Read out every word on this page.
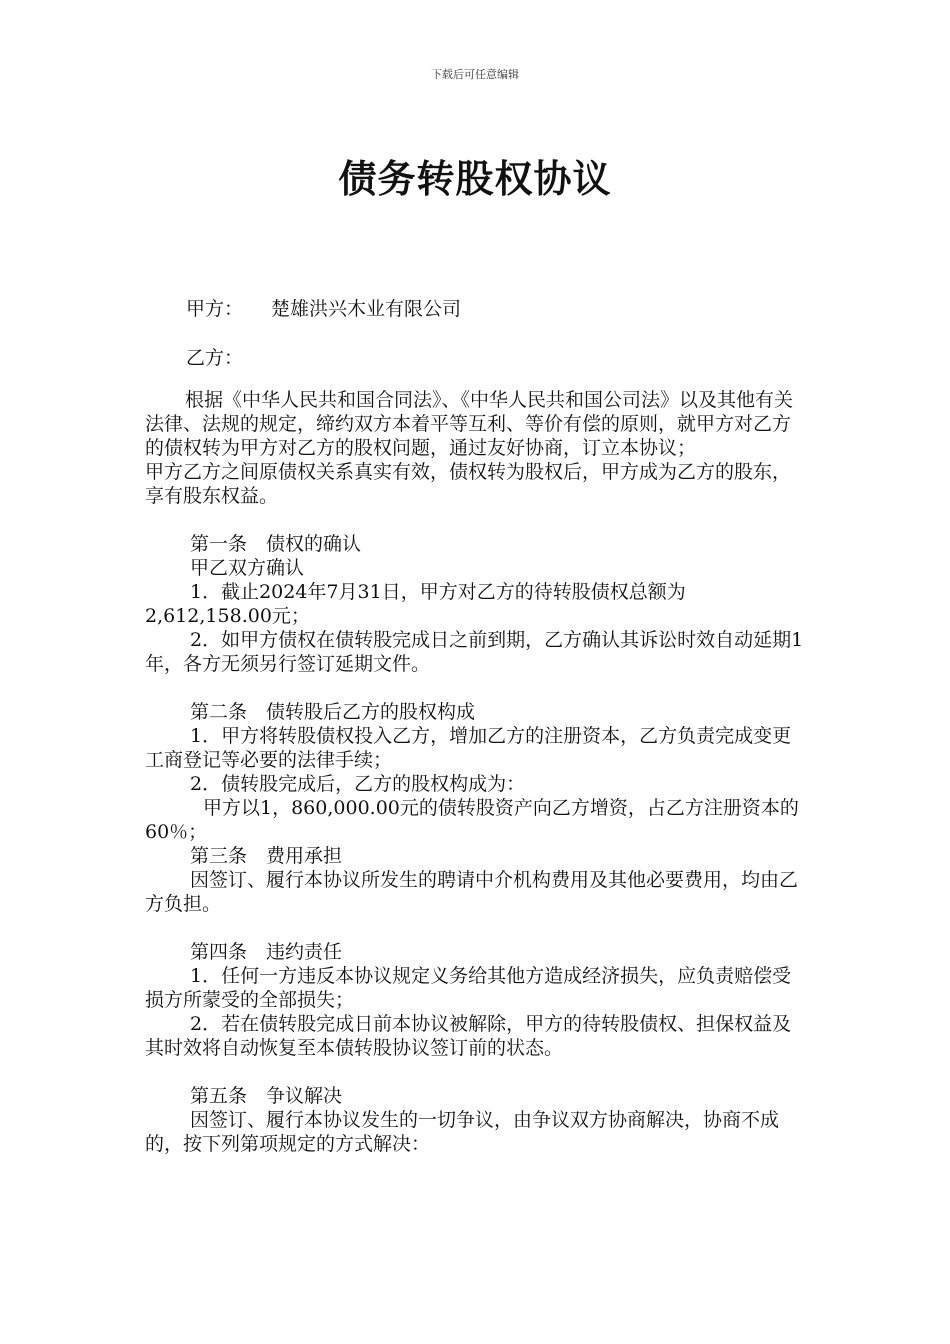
下载后可任意编辑
债务转股权协议
甲方： 楚雄洪兴木业有限公司
乙方：

根据《中华人民共和国合同法》、《中华人民共和国公司法》以及其他有关法律、法规的规定，缔约双方本着平等互利、等价有偿的原则，就甲方对乙方的债权转为甲方对乙方的股权问题，通过友好协商，订立本协议；

甲方乙方之间原债权关系真实有效，债权转为股权后，甲方成为乙方的股东，享有股东权益。

第一条　债权的确认

甲乙双方确认

1．截止2024年7月31日，甲方对乙方的待转股债权总额为2,612,158.00元；

2．如甲方债权在债转股完成日之前到期，乙方确认其诉讼时效自动延期1年，各方无须另行签订延期文件。

第二条　债转股后乙方的股权构成

1．甲方将转股债权投入乙方，增加乙方的注册资本，乙方负责完成变更工商登记等必要的法律手续；

2．债转股完成后，乙方的股权构成为：

甲方以1，860,000.00元的债转股资产向乙方增资，占乙方注册资本的60％；

第三条　费用承担

因签订、履行本协议所发生的聘请中介机构费用及其他必要费用，均由乙方负担。

第四条　违约责任

1．任何一方违反本协议规定义务给其他方造成经济损失，应负责赔偿受损方所蒙受的全部损失；

2．若在债转股完成日前本协议被解除，甲方的待转股债权、担保权益及其时效将自动恢复至本债转股协议签订前的状态。

第五条　争议解决

因签订、履行本协议发生的一切争议，由争议双方协商解决，协商不成的，按下列第项规定的方式解决：
